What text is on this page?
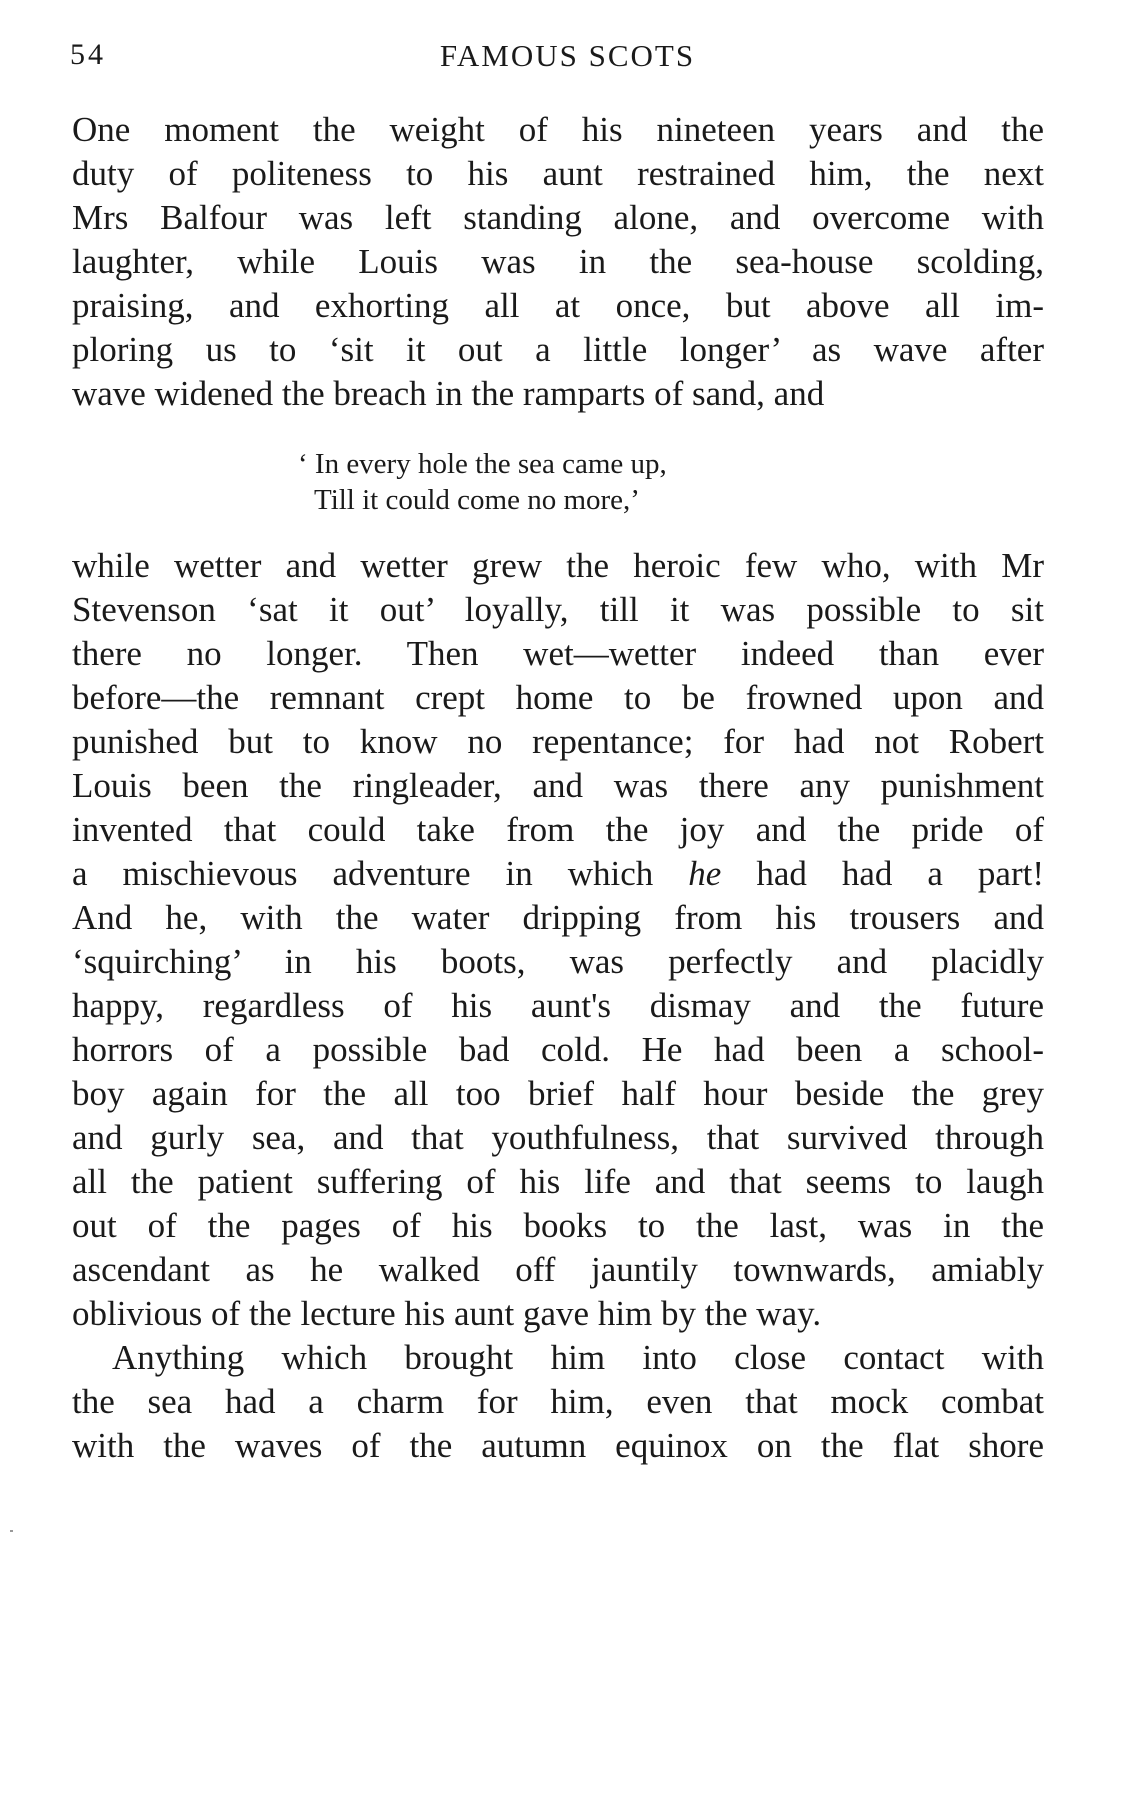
54	FAMOUS SCOTS
One moment the weight of his nineteen years and the
duty of politeness to his aunt restrained him, the next
Mrs Balfour was left standing alone, and overcome with
laughter, while Louis was in the sea-house scolding,
praising, and exhorting all at once, but above all im-
ploring us to ‘sit it out a little longer’ as wave after
wave widened the breach in the ramparts of sand, and
‘ In every hole the sea came up,
Till it could come no more,’
while wetter and wetter grew the heroic few who, with Mr
Stevenson ‘sat it out’ loyally, till it was possible to sit
there no longer. Then wet—wetter indeed than ever
before—the remnant crept home to be frowned upon and
punished but to know no repentance; for had not Robert
Louis been the ringleader, and was there any punishment
invented that could take from the joy and the pride of
a mischievous adventure in which he had had a part!
And he, with the water dripping from his trousers and
‘squirching’ in his boots, was perfectly and placidly
happy, regardless of his aunt's dismay and the future
horrors of a possible bad cold. He had been a school-
boy again for the all too brief half hour beside the grey
and gurly sea, and that youthfulness, that survived through
all the patient suffering of his life and that seems to laugh
out of the pages of his books to the last, was in the
ascendant as he walked off jauntily townwards, amiably
oblivious of the lecture his aunt gave him by the way.
Anything which brought him into close contact with
the sea had a charm for him, even that mock combat
with the waves of the autumn equinox on the flat shore
